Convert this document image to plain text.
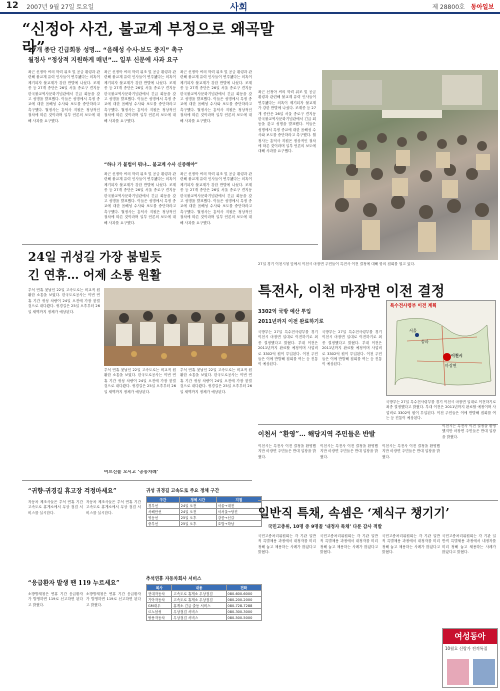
12 2007년 9월 27일 토요일	사회	제 28800호 동아일보
“신정아 사건, 불교계 부정으로 왜곡말라”
27개 종단 긴급회동 성명… “음해성 수사·보도 중지” 촉구
월정사 “정상적 지원하게 매년”… 일부 신문에 사과 요구
최근 신정아 씨의 학력 위조 및 공금 횡령과 관련해 불교계 유력 인사들이 연루됐다는 의혹이 제기되자 불교계가 강한 반발에 나섰다. 조계종 등 27개 종단은 26일 서울 종로구 견지동 한국불교역사문화기념관에서 긴급 회동을 갖고 성명을 발표했다. 이들은 성명에서 특정 종교에 대한 음해성 수사와 보도를 중단하라고 촉구했다. 월정사는 흥덕사 지원은 정상적인 절차에 따른 것이라며 일부 언론의 보도에 대해 사과를 요구했다.
최근 신정아 씨의 학력 위조 및 공금 횡령과 관련해 불교계 유력 인사들이 연루됐다는 의혹이 제기되자 불교계가 강한 반발에 나섰다. 조계종 등 27개 종단은 26일 서울 종로구 견지동 한국불교역사문화기념관에서 긴급 회동을 갖고 성명을 발표했다. 이들은 성명에서 특정 종교에 대한 음해성 수사와 보도를 중단하라고 촉구했다. 월정사는 흥덕사 지원은 정상적인 절차에 따른 것이라며 일부 언론의 보도에 대해 사과를 요구했다.
최근 신정아 씨의 학력 위조 및 공금 횡령과 관련해 불교계 유력 인사들이 연루됐다는 의혹이 제기되자 불교계가 강한 반발에 나섰다. 조계종 등 27개 종단은 26일 서울 종로구 견지동 한국불교역사문화기념관에서 긴급 회동을 갖고 성명을 발표했다. 이들은 성명에서 특정 종교에 대한 음해성 수사와 보도를 중단하라고 촉구했다. 월정사는 흥덕사 지원은 정상적인 절차에 따른 것이라며 일부 언론의 보도에 대해 사과를 요구했다.
최근 신정아 씨의 학력 위조 및 공금 횡령과 관련해 불교계 유력 인사들이 연루됐다는 의혹이 제기되자 불교계가 강한 반발에 나섰다. 조계종 등 27개 종단은 26일 서울 종로구 견지동 한국불교역사문화기념관에서 긴급 회동을 갖고 성명을 발표했다. 이들은 성명에서 특정 종교에 대한 음해성 수사와 보도를 중단하라고 촉구했다. 월정사는 흥덕사 지원은 정상적인 절차에 따른 것이라며 일부 언론의 보도에 대해 사과를 요구했다.
최근 신정아 씨의 학력 위조 및 공금 횡령과 관련해 불교계 유력 인사들이 연루됐다는 의혹이 제기되자 불교계가 강한 반발에 나섰다. 조계종 등 27개 종단은 26일 서울 종로구 견지동 한국불교역사문화기념관에서 긴급 회동을 갖고 성명을 발표했다. 이들은 성명에서 특정 종교에 대한 음해성 수사와 보도를 중단하라고 촉구했다. 월정사는 흥덕사 지원은 정상적인 절차에 따른 것이라며 일부 언론의 보도에 대해 사과를 요구했다.
“하나 가 불법이 뭐냐… 불교계 수사 신중해야”
최근 신정아 씨의 학력 위조 및 공금 횡령과 관련해 불교계 유력 인사들이 연루됐다는 의혹이 제기되자 불교계가 강한 반발에 나섰다. 조계종 등 27개 종단은 26일 서울 종로구 견지동 한국불교역사문화기념관에서 긴급 회동을 갖고 성명을 발표했다. 이들은 성명에서 특정 종교에 대한 음해성 수사와 보도를 중단하라고 촉구했다. 월정사는 흥덕사 지원은 정상적인 절차에 따른 것이라며 일부 언론의 보도에 대해 사과를 요구했다.
27일 경기 이천시청 앞에서 이천시 마장면 주민들이 특전사 이전 결정에 대해 항의 집회를 열고 있다.
특전사, 이천 마장면 이전 결정
3302억 국방 예산 투입
2011년까지 이전 완료하기로
국방부는 27일 특수전사령부를 경기 이천시 마장면 일대로 이전하기로 최종 결정했다고 밝혔다. 부대 이전은 2011년까지 완료할 예정이며 사업비로 3302억 원이 투입된다. 이천 주민들은 이에 반발해 집회를 여는 등 진통이 예상된다.
국방부는 27일 특수전사령부를 경기 이천시 마장면 일대로 이전하기로 최종 결정했다고 밝혔다. 부대 이전은 2011년까지 완료할 예정이며 사업비로 3302억 원이 투입된다. 이천 주민들은 이에 반발해 집회를 여는 등 진통이 예상된다.
국방부는 27일 특수전사령부를 경기 이천시 마장면 일대로 이전하기로 최종 결정했다고 밝혔다. 부대 이전은 2011년까지 완료할 예정이며 사업비로 3302억 원이 투입된다. 이천 주민들은 이에 반발해 집회를 여는 등 진통이 예상된다.
특수전사령부 이전 계획
이천시
마장면
서울
송파
24일 귀성길 가장 붐빌듯
긴 연휴… 어제 소통 원활
추석 연휴 첫날인 22일 고속도로는 비교적 원활한 소통을 보였다. 한국도로공사는 이번 연휴 기간 귀성 차량이 24일 오전에 가장 붐빌 것으로 내다봤다. 귀경길은 25일 오후부터 26일 새벽까지 정체가 예상된다.
추석 연휴 첫날인 22일 고속도로는 비교적 원활한 소통을 보였다. 한국도로공사는 이번 연휴 기간 귀성 차량이 24일 오전에 가장 붐빌 것으로 내다봤다. 귀경길은 25일 오후부터 26일 새벽까지 정체가 예상된다.
추석 연휴 첫날인 22일 고속도로는 비교적 원활한 소통을 보였다. 한국도로공사는 이번 연휴 기간 귀성 차량이 24일 오전에 가장 붐빌 것으로 내다봤다. 귀경길은 25일 오후부터 26일 새벽까지 정체가 예상된다.
어르신들 모시고 ‘공동차례’
“귀향·귀경길 휴고장 걱정마세요”
자동차 제조사들은 추석 연휴 기간 고속도로 휴게소에서 무상 점검 서비스를 실시한다.
자동차 제조사들은 추석 연휴 기간 고속도로 휴게소에서 무상 점검 서비스를 실시한다.
“응급환자 발생 땐 119 누르세요”
소방방재청은 연휴 기간 응급환자가 발생하면 119로 신고하면 된다고 밝혔다.
소방방재청은 연휴 기간 응급환자가 발생하면 119로 신고하면 된다고 밝혔다.
귀성 귀경길 고속도로 주요 정체 구간
구간	정체 시간	지점
경부선	24일 오전	서울→대전
서해안선	24일 오전	서서울→당진
영동선	25일 오후	강릉→신갈
중부선	25일 오후	호법→하남
추석연휴 자동차회사 서비스
회사	내용	전화
현대자동차	고속도로 휴게소 무상점검	080-600-6000
기아자동차	고속도로 휴게소 무상점검	080-200-2000
GM대우	휴게소 긴급 출동 서비스	080-728-7288
르노삼성	무상점검 서비스	080-300-3000
쌍용자동차	무상점검 서비스	080-500-5000
이천서 “환영”… 해당지역 주민들은 반발
이천시는 특전사 이전 결정을 환영했지만 마장면 주민들은 반대 입장을 밝혔다.
이천시는 특전사 이전 결정을 환영했지만 마장면 주민들은 반대 입장을 밝혔다.
이천시는 특전사 이전 결정을 환영했지만 마장면 주민들은 반대 입장을 밝혔다.
이천시는 특전사 이전 결정을 환영했지만 마장면 주민들은 반대 입장을 밝혔다.
일반직 특채, 속셈은 ‘제식구 챙기기’
국민고충위, 10명 중 9명꼴 ‘내정자 특채’ 다룬 감사 적발
국민고충처리위원회는 각 기관 일반직 특별채용 과정에서 내정자를 미리 정해 놓고 채용하는 사례가 많았다고 밝혔다.
국민고충처리위원회는 각 기관 일반직 특별채용 과정에서 내정자를 미리 정해 놓고 채용하는 사례가 많았다고 밝혔다.
국민고충처리위원회는 각 기관 일반직 특별채용 과정에서 내정자를 미리 정해 놓고 채용하는 사례가 많았다고 밝혔다.
국민고충처리위원회는 각 기관 일반직 특별채용 과정에서 내정자를 미리 정해 놓고 채용하는 사례가 많았다고 밝혔다.
여성동아
10월호 신랑가 전격특집
